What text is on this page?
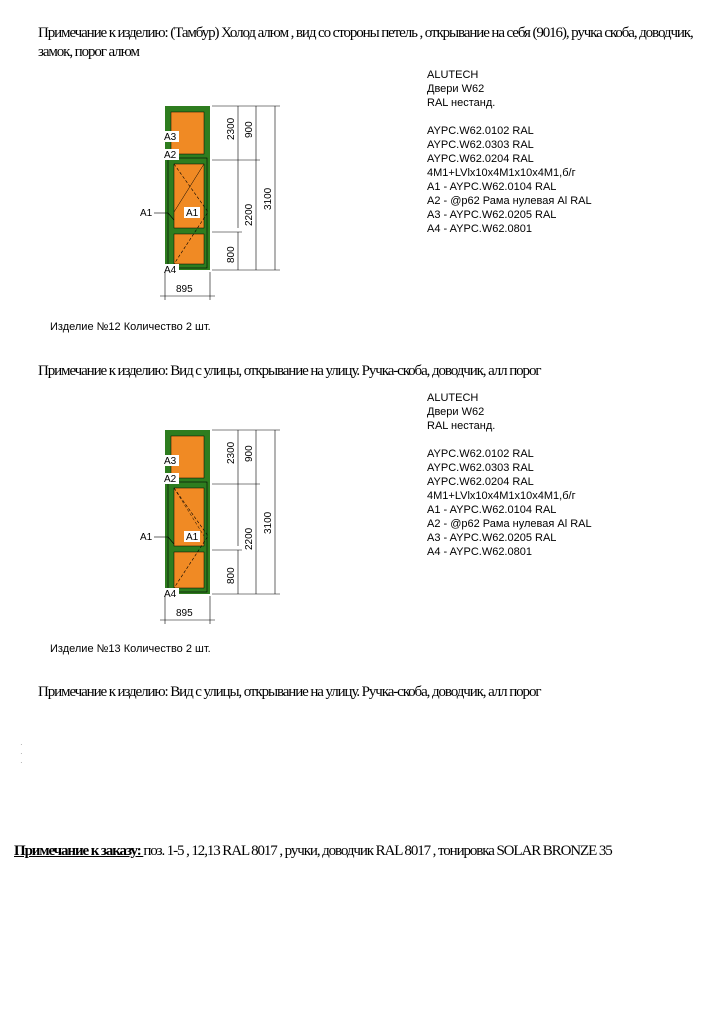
Примечание к изделию: (Тамбур) Холод алюм , вид со стороны петель , открывание на себя (9016), ручка скоба, доводчик, замок, порог алюм
A3
A2
A1
A1
A4
895
2300
800
900
2200
3100
ALUTECH
Двери W62
RAL нестанд.
AYPC.W62.0102 RAL
AYPC.W62.0303 RAL
AYPC.W62.0204 RAL
4M1+LVlx10x4M1x10x4M1,б/г
A1 - AYPC.W62.0104 RAL
A2 - @p62 Рама нулевая Al RAL
A3 - AYPC.W62.0205 RAL
A4 - AYPC.W62.0801
Изделие №12 Количество 2 шт.
Примечание к изделию: Вид с улицы, открывание на улицу. Ручка-скоба, доводчик, алл порог
A3
A2
A1
A1
A4
895
2300
800
900
2200
3100
ALUTECH
Двери W62
RAL нестанд.
AYPC.W62.0102 RAL
AYPC.W62.0303 RAL
AYPC.W62.0204 RAL
4M1+LVlx10x4M1x10x4M1,б/г
A1 - AYPC.W62.0104 RAL
A2 - @p62 Рама нулевая Al RAL
A3 - AYPC.W62.0205 RAL
A4 - AYPC.W62.0801
Изделие №13 Количество 2 шт.
Примечание к изделию: Вид с улицы, открывание на улицу. Ручка-скоба, доводчик, алл порог
·
·
·
Примечание к заказу: поз. 1-5 , 12,13 RAL 8017 , ручки, доводчик RAL 8017 , тонировка SOLAR BRONZE 35
